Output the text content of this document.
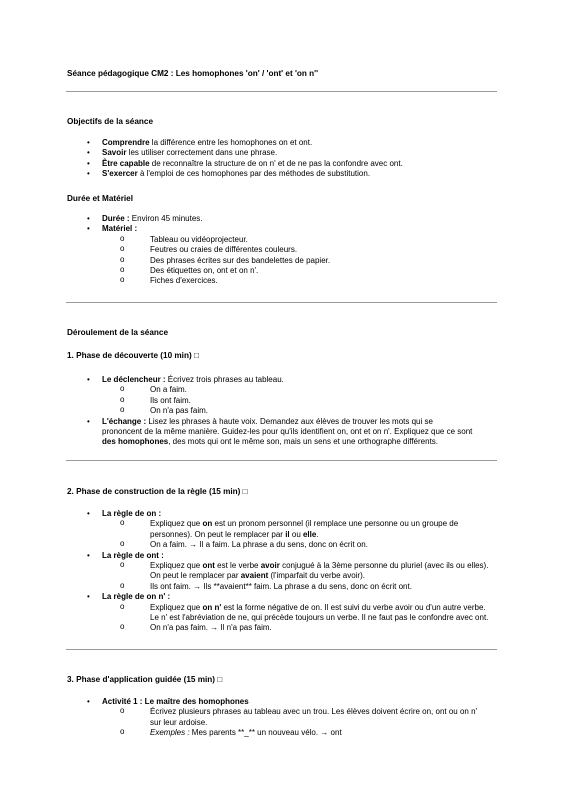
Séance pédagogique CM2 : Les homophones 'on' / 'ont' et 'on n''
Objectifs de la séance
• Comprendre la différence entre les homophones on et ont.
• Savoir les utiliser correctement dans une phrase.
• Être capable de reconnaître la structure de on n' et de ne pas la confondre avec ont.
• S'exercer à l'emploi de ces homophones par des méthodes de substitution.
Durée et Matériel
• Durée : Environ 45 minutes.
• Matériel :
o	Tableau ou vidéoprojecteur.
o	Feutres ou craies de différentes couleurs.
o	Des phrases écrites sur des bandelettes de papier.
o	Des étiquettes on, ont et on n'.
o	Fiches d'exercices.
Déroulement de la séance
1. Phase de découverte (10 min) □
• Le déclencheur : Écrivez trois phrases au tableau.
o	On a faim.
o	Ils ont faim.
o	On n'a pas faim.
• L'échange : Lisez les phrases à haute voix. Demandez aux élèves de trouver les mots qui se
prononcent de la même manière. Guidez-les pour qu'ils identifient on, ont et on n'. Expliquez que ce sont
des homophones, des mots qui ont le même son, mais un sens et une orthographe différents.
2. Phase de construction de la règle (15 min) □
• La règle de on :
o	Expliquez que on est un pronom personnel (il remplace une personne ou un groupe de
personnes). On peut le remplacer par il ou elle.
o	On a faim. → Il a faim. La phrase a du sens, donc on écrit on.
• La règle de ont :
o	Expliquez que ont est le verbe avoir conjugué à la 3ème personne du pluriel (avec ils ou elles).
On peut le remplacer par avaient (l'imparfait du verbe avoir).
o	Ils ont faim. → Ils **avaient** faim. La phrase a du sens, donc on écrit ont.
• La règle de on n' :
o	Expliquez que on n' est la forme négative de on. Il est suivi du verbe avoir ou d'un autre verbe.
Le n' est l'abréviation de ne, qui précède toujours un verbe. Il ne faut pas le confondre avec ont.
o	On n'a pas faim. → Il n'a pas faim.
3. Phase d'application guidée (15 min) □
• Activité 1 : Le maître des homophones
o	Écrivez plusieurs phrases au tableau avec un trou. Les élèves doivent écrire on, ont ou on n'
sur leur ardoise.
o	Exemples : Mes parents **_** un nouveau vélo. → ont
